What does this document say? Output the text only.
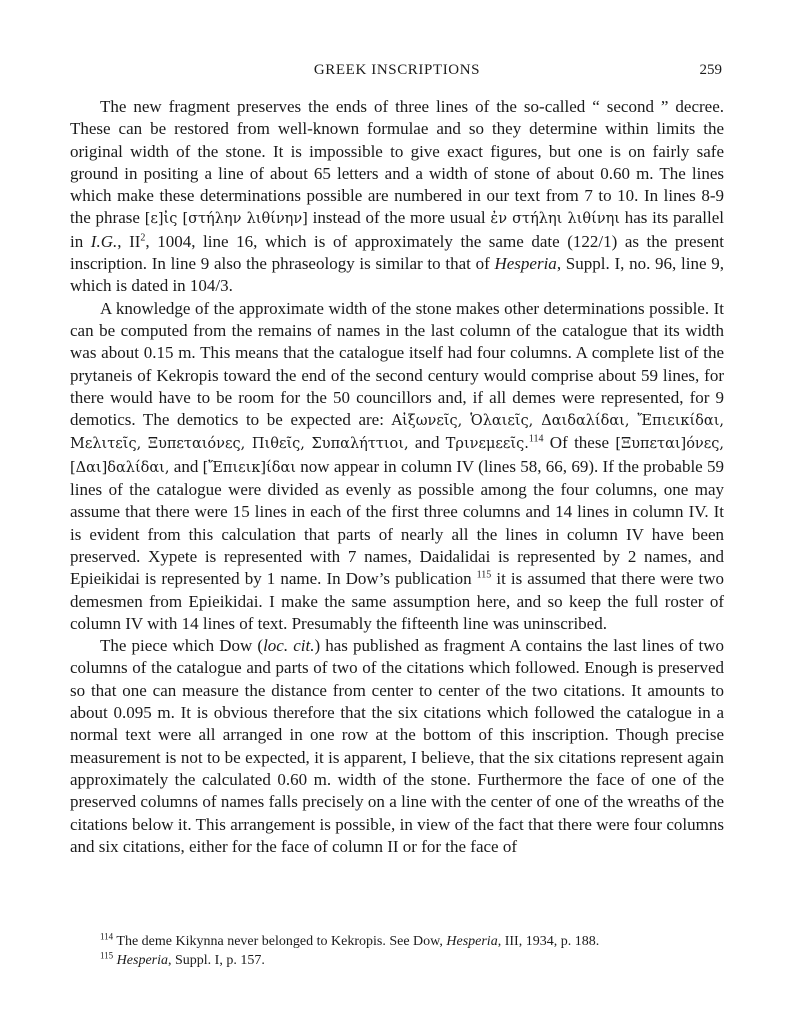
GREEK INSCRIPTIONS	259

The new fragment preserves the ends of three lines of the so-called “ second ” decree. These can be restored from well-known formulae and so they determine within limits the original width of the stone. It is impossible to give exact figures, but one is on fairly safe ground in positing a line of about 65 letters and a width of stone of about 0.60 m. The lines which make these determinations possible are numbered in our text from 7 to 10. In lines 8-9 the phrase [ε]ἰς [στήλην λιθίνην] instead of the more usual ἐν στήληι λιθίνηι has its parallel in I.G., II$^2$, 1004, line 16, which is of approximately the same date (122/1) as the present inscription. In line 9 also the phraseology is similar to that of Hesperia, Suppl. I, no. 96, line 9, which is dated in 104/3.

A knowledge of the approximate width of the stone makes other determinations possible. It can be computed from the remains of names in the last column of the catalogue that its width was about 0.15 m. This means that the catalogue itself had four columns. A complete list of the prytaneis of Kekropis toward the end of the second century would comprise about 59 lines, for there would have to be room for the 50 councillors and, if all demes were represented, for 9 demotics. The demotics to be expected are: Αἰξωνεῖς, Ὁλαιεῖς, Δαιδαλίδαι, Ἔπιεικίδαι, Μελιτεῖς, Ξυπεταιόνες, Πιθεῖς, Συπαλήττιοι, and Τρινεμεεῖς.$^{114}$ Of these [Ξυπεται]όνες, [Δαι]δαλίδαι, and [Ἔπιεικ]ίδαι now appear in column IV (lines 58, 66, 69). If the probable 59 lines of the catalogue were divided as evenly as possible among the four columns, one may assume that there were 15 lines in each of the first three columns and 14 lines in column IV. It is evident from this calculation that parts of nearly all the lines in column IV have been preserved. Xypete is represented with 7 names, Daidalidai is represented by 2 names, and Epieikidai is represented by 1 name. In Dow’s publication $^{115}$ it is assumed that there were two demesmen from Epieikidai. I make the same assumption here, and so keep the full roster of column IV with 14 lines of text. Presumably the fifteenth line was uninscribed.

The piece which Dow (loc. cit.) has published as fragment A contains the last lines of two columns of the catalogue and parts of two of the citations which followed. Enough is preserved so that one can measure the distance from center to center of the two citations. It amounts to about 0.095 m. It is obvious therefore that the six citations which followed the catalogue in a normal text were all arranged in one row at the bottom of this inscription. Though precise measurement is not to be expected, it is apparent, I believe, that the six citations represent again approximately the calculated 0.60 m. width of the stone. Furthermore the face of one of the preserved columns of names falls precisely on a line with the center of one of the wreaths of the citations below it. This arrangement is possible, in view of the fact that there were four columns and six citations, either for the face of column II or for the face of

$^{114}$ The deme Kikynna never belonged to Kekropis. See Dow, Hesperia, III, 1934, p. 188.

$^{115}$ Hesperia, Suppl. I, p. 157.
